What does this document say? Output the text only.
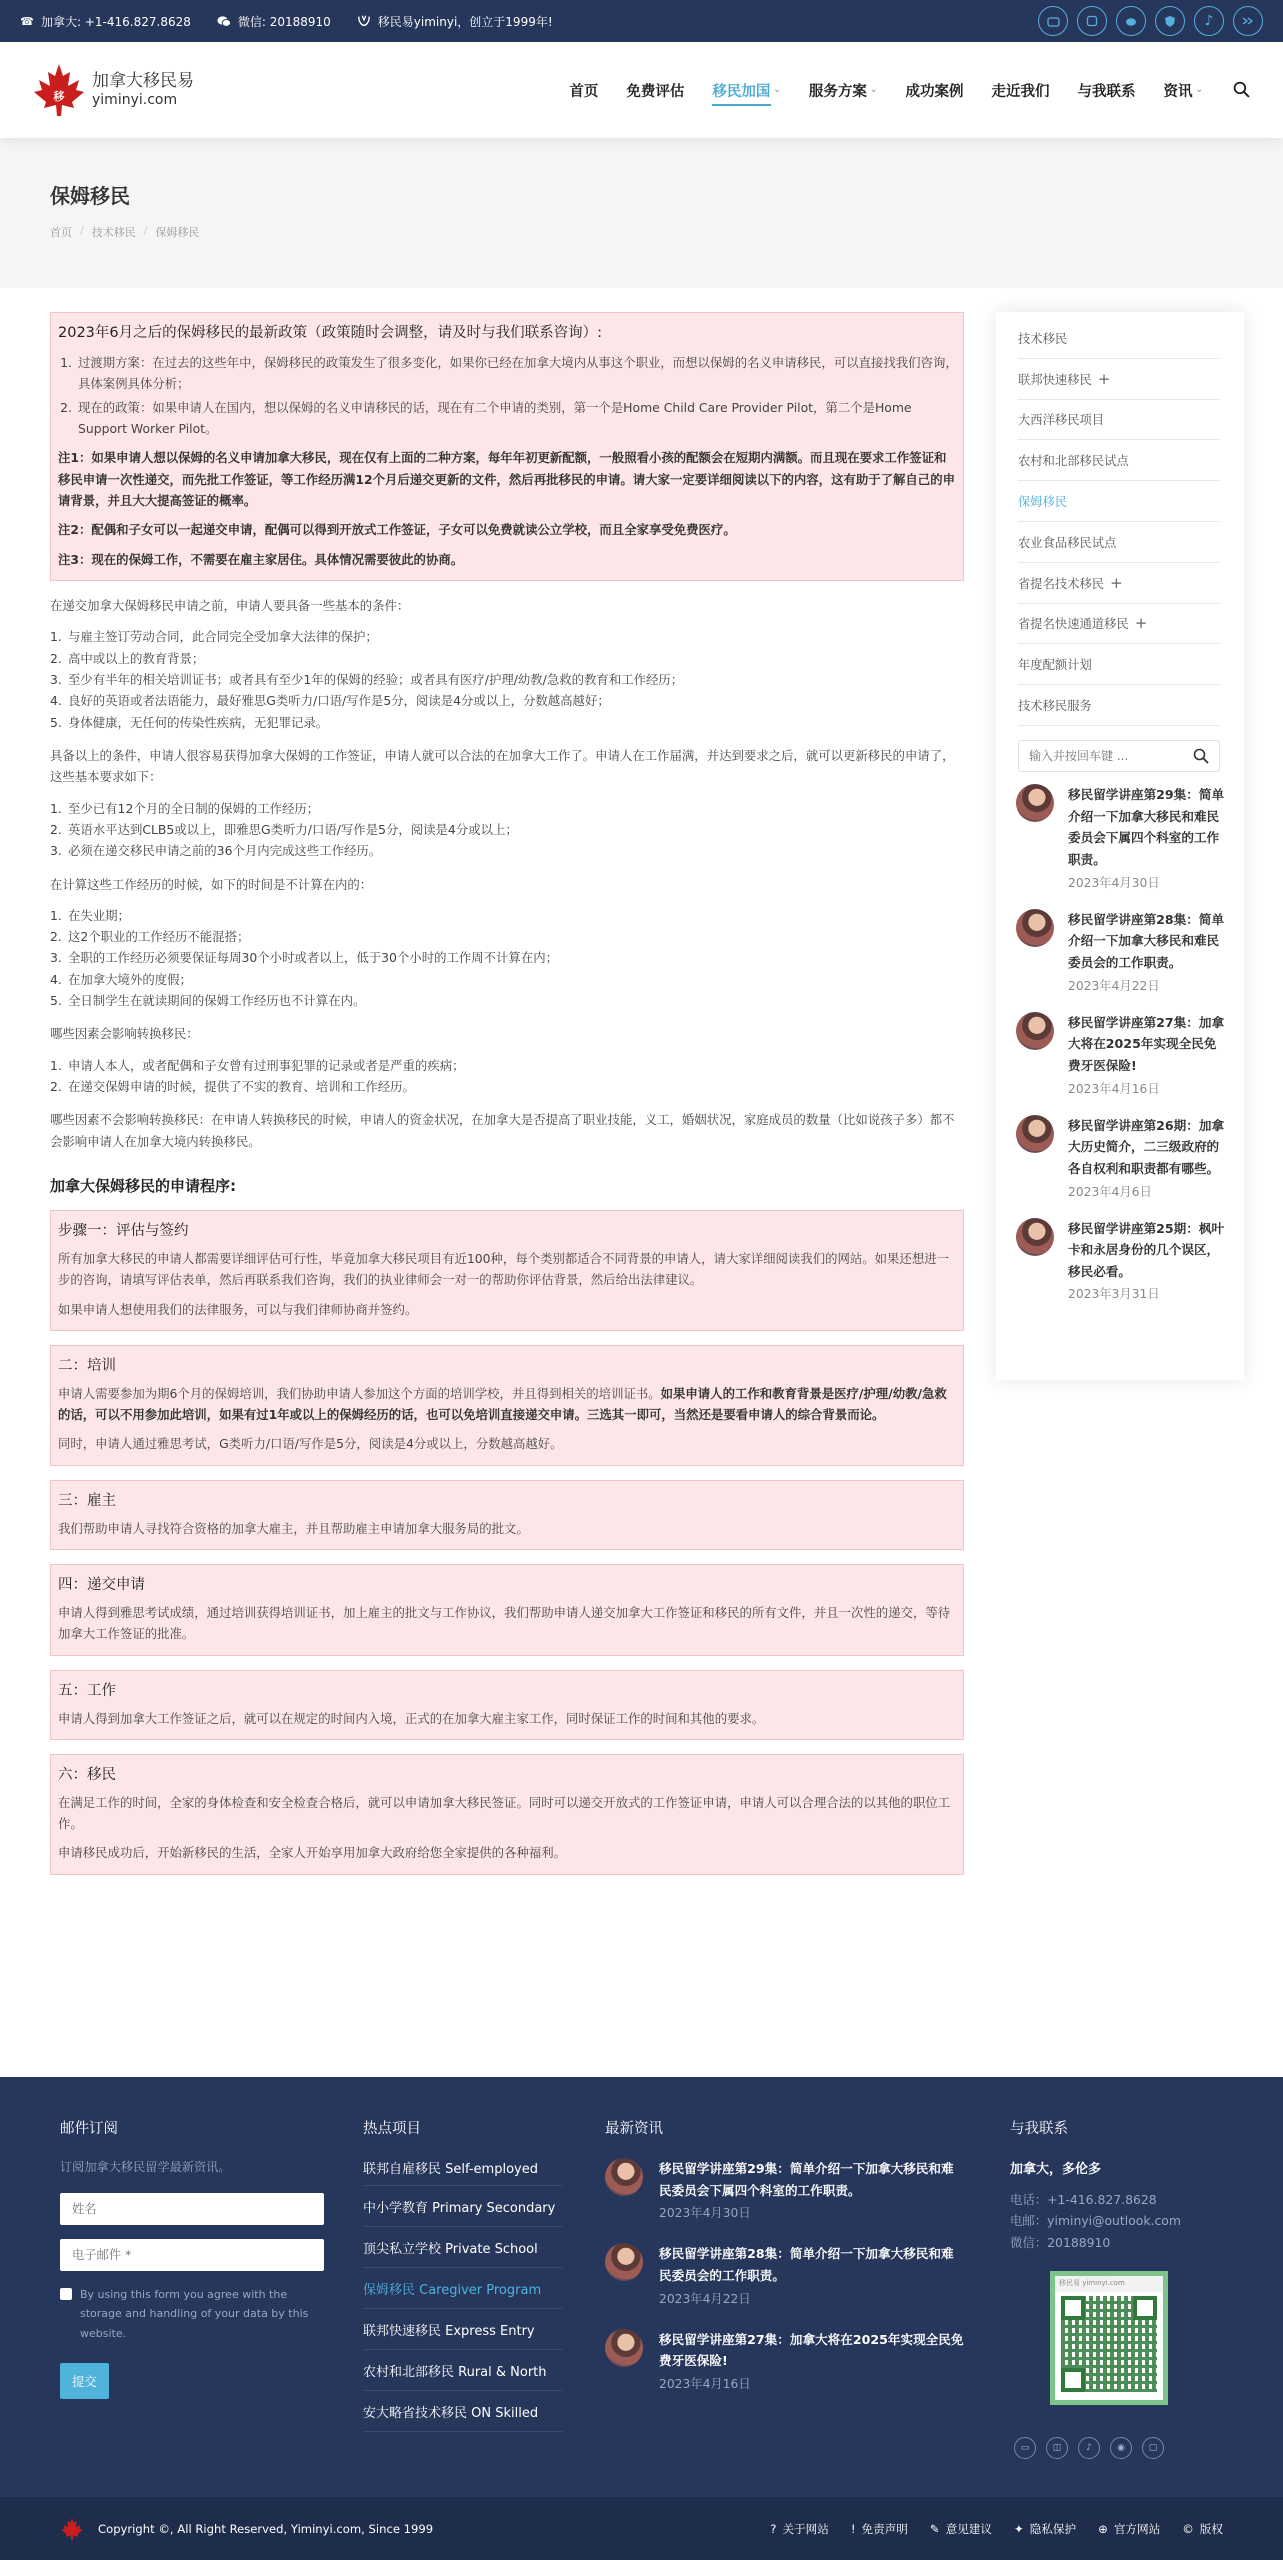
☎ 加拿大: +1-416.827.8628	微信: 20188910	移民易yiminyi，创立于1999年!	♪
移
加拿大移民易
yiminyi.com
首页 免费评估 移民加国 ⌄ 服务方案 ⌄ 成功案例 走近我们 与我联系 资讯 ⌄
保姆移民
首页 / 技术移民 / 保姆移民
2023年6月之后的保姆移民的最新政策（政策随时会调整，请及时与我们联系咨询）:
1. 过渡期方案：在过去的这些年中，保姆移民的政策发生了很多变化，如果你已经在加拿大境内从事这个职业，而想以保姆的名义申请移民，可以直接找我们咨询，具体案例具体分析；
2. 现在的政策：如果申请人在国内，想以保姆的名义申请移民的话，现在有二个申请的类别，第一个是Home Child Care Provider Pilot，第二个是Home Support Worker Pilot。

注1：如果申请人想以保姆的名义申请加拿大移民，现在仅有上面的二种方案，每年年初更新配额，一般照看小孩的配额会在短期内满额。而且现在要求工作签证和移民申请一次性递交，而先批工作签证，等工作经历满12个月后递交更新的文件，然后再批移民的申请。请大家一定要详细阅读以下的内容，这有助于了解自己的申请背景，并且大大提高签证的概率。

注2：配偶和子女可以一起递交申请，配偶可以得到开放式工作签证，子女可以免费就读公立学校，而且全家享受免费医疗。

注3：现在的保姆工作，不需要在雇主家居住。具体情况需要彼此的协商。

在递交加拿大保姆移民申请之前，申请人要具备一些基本的条件：

1. 与雇主签订劳动合同，此合同完全受加拿大法律的保护；
2. 高中或以上的教育背景；
3. 至少有半年的相关培训证书；或者具有至少1年的保姆的经验；或者具有医疗/护理/幼教/急救的教育和工作经历；
4. 良好的英语或者法语能力，最好雅思G类听力/口语/写作是5分，阅读是4分或以上，分数越高越好；
5. 身体健康，无任何的传染性疾病，无犯罪记录。

具备以上的条件，申请人很容易获得加拿大保姆的工作签证，申请人就可以合法的在加拿大工作了。申请人在工作届满，并达到要求之后，就可以更新移民的申请了，这些基本要求如下：

1. 至少已有12个月的全日制的保姆的工作经历；
2. 英语水平达到CLB5或以上，即雅思G类听力/口语/写作是5分，阅读是4分或以上；
3. 必须在递交移民申请之前的36个月内完成这些工作经历。

在计算这些工作经历的时候，如下的时间是不计算在内的：

1. 在失业期；
2. 这2个职业的工作经历不能混搭；
3. 全职的工作经历必须要保证每周30个小时或者以上，低于30个小时的工作周不计算在内；
4. 在加拿大境外的度假；
5. 全日制学生在就读期间的保姆工作经历也不计算在内。

哪些因素会影响转换移民：

1. 申请人本人，或者配偶和子女曾有过刑事犯罪的记录或者是严重的疾病；
2. 在递交保姆申请的时候，提供了不实的教育、培训和工作经历。

哪些因素不会影响转换移民：在申请人转换移民的时候，申请人的资金状况，在加拿大是否提高了职业技能，义工，婚姻状况，家庭成员的数量（比如说孩子多）都不会影响申请人在加拿大境内转换移民。

加拿大保姆移民的申请程序:
步骤一：评估与签约

所有加拿大移民的申请人都需要详细评估可行性，毕竟加拿大移民项目有近100种，每个类别都适合不同背景的申请人，请大家详细阅读我们的网站。如果还想进一步的咨询，请填写评估表单，然后再联系我们咨询，我们的执业律师会一对一的帮助你评估背景，然后给出法律建议。

如果申请人想使用我们的法律服务，可以与我们律师协商并签约。

二：培训

申请人需要参加为期6个月的保姆培训，我们协助申请人参加这个方面的培训学校，并且得到相关的培训证书。如果申请人的工作和教育背景是医疗/护理/幼教/急救的话，可以不用参加此培训，如果有过1年或以上的保姆经历的话，也可以免培训直接递交申请。三选其一即可，当然还是要看申请人的综合背景而论。

同时，申请人通过雅思考试，G类听力/口语/写作是5分，阅读是4分或以上，分数越高越好。

三：雇主

我们帮助申请人寻找符合资格的加拿大雇主，并且帮助雇主申请加拿大服务局的批文。

四：递交申请

申请人得到雅思考试成绩，通过培训获得培训证书，加上雇主的批文与工作协议，我们帮助申请人递交加拿大工作签证和移民的所有文件，并且一次性的递交，等待加拿大工作签证的批准。

五：工作

申请人得到加拿大工作签证之后，就可以在规定的时间内入境，正式的在加拿大雇主家工作，同时保证工作的时间和其他的要求。

六：移民

在满足工作的时间，全家的身体检查和安全检查合格后，就可以申请加拿大移民签证。同时可以递交开放式的工作签证申请，申请人可以合理合法的以其他的职位工作。

申请移民成功后，开始新移民的生活，全家人开始享用加拿大政府给您全家提供的各种福利。

技术移民
联邦快速移民 +
大西洋移民项目
农村和北部移民试点
保姆移民
农业食品移民试点
省提名技术移民 +
省提名快速通道移民 +
年度配额计划
技术移民服务
输入并按回车键 ...
移民留学讲座第29集：简单介绍一下加拿大移民和难民委员会下属四个科室的工作职责。
2023年4月30日
移民留学讲座第28集：简单介绍一下加拿大移民和难民委员会的工作职责。
2023年4月22日
移民留学讲座第27集：加拿大将在2025年实现全民免费牙医保险!
2023年4月16日
移民留学讲座第26期：加拿大历史简介，二三级政府的各自权利和职责都有哪些。
2023年4月6日
移民留学讲座第25期：枫叶卡和永居身份的几个误区，移民必看。
2023年3月31日
邮件订阅

订阅加拿大移民留学最新资讯。

姓名
电子邮件 *
By using this form you agree with the storage and handling of your data by this website.
提交
热点项目
联邦自雇移民 Self-employed
中小学教育 Primary Secondary
顶尖私立学校 Private School
保姆移民 Caregiver Program
联邦快速移民 Express Entry
农村和北部移民 Rural & North
安大略省技术移民 ON Skilled
最新资讯
移民留学讲座第29集：简单介绍一下加拿大移民和难民委员会下属四个科室的工作职责。
2023年4月30日
移民留学讲座第28集：简单介绍一下加拿大移民和难民委员会的工作职责。
2023年4月22日
移民留学讲座第27集：加拿大将在2025年实现全民免费牙医保险!
2023年4月16日
与我联系
加拿大，多伦多
电话：+1-416.827.8628
电邮：yiminyi@outlook.com
微信：20188910
移民易 yiminyi.com
▭	◫	♪	◉	▢
Copyright ©, All Right Reserved, Yiminyi.com, Since 1999	? 关于网站 ! 免责声明 ✎ 意见建议 ✦ 隐私保护 ⊕ 官方网站 © 版权
